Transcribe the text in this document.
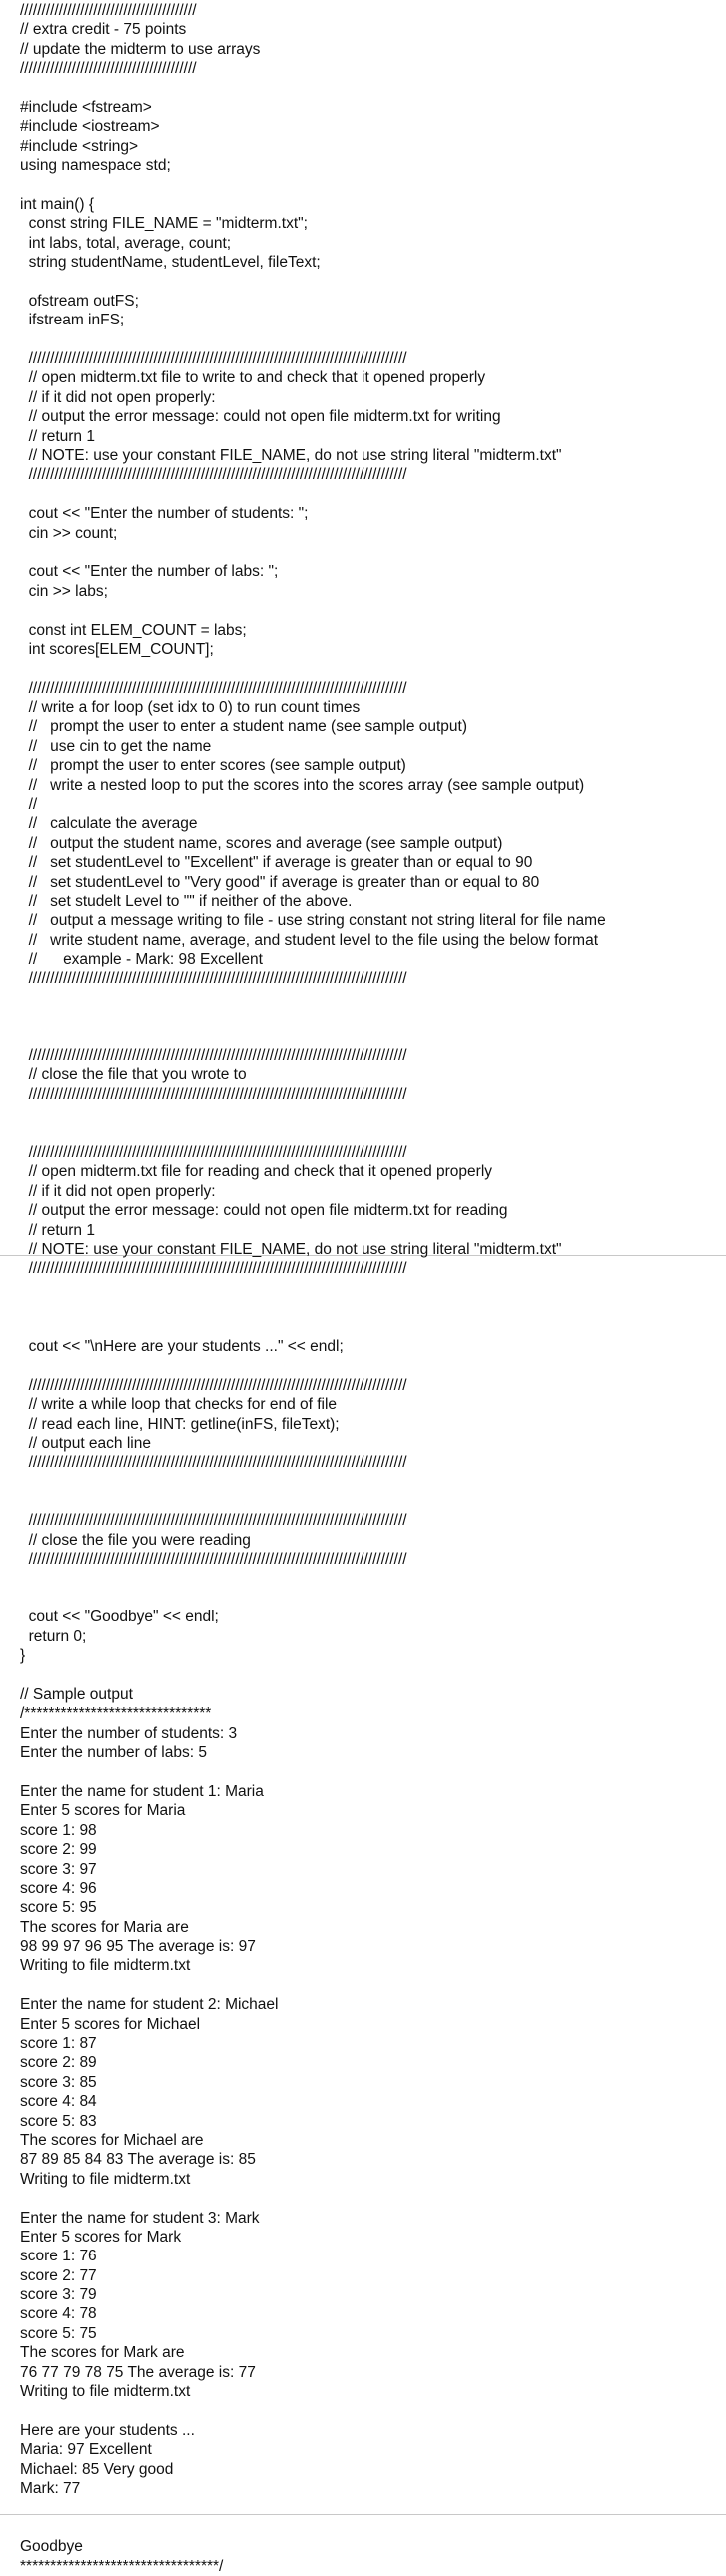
/////////////////////////////////////////
// extra credit - 75 points
// update the midterm to use arrays
/////////////////////////////////////////
#include <fstream>
#include <iostream>
#include <string>
using namespace std;
int main() {
const string FILE_NAME = "midterm.txt";
int labs, total, average, count;
string studentName, studentLevel, fileText;
ofstream outFS;
ifstream inFS;
////////////////////////////////////////////////////////////////////////////////////////
// open midterm.txt file to write to and check that it opened properly
// if it did not open properly:
// output the error message: could not open file midterm.txt for writing
// return 1
// NOTE: use your constant FILE_NAME, do not use string literal "midterm.txt"
////////////////////////////////////////////////////////////////////////////////////////
cout << "Enter the number of students: ";
cin >> count;
cout << "Enter the number of labs: ";
cin >> labs;
const int ELEM_COUNT = labs;
int scores[ELEM_COUNT];
////////////////////////////////////////////////////////////////////////////////////////
// write a for loop (set idx to 0) to run count times
//   prompt the user to enter a student name (see sample output)
//   use cin to get the name
//   prompt the user to enter scores (see sample output)
//   write a nested loop to put the scores into the scores array (see sample output)
//
//   calculate the average
//   output the student name, scores and average (see sample output)
//   set studentLevel to "Excellent" if average is greater than or equal to 90
//   set studentLevel to "Very good" if average is greater than or equal to 80
//   set studelt Level to "" if neither of the above.
//   output a message writing to file - use string constant not string literal for file name
//   write student name, average, and student level to the file using the below format
//      example - Mark: 98 Excellent
////////////////////////////////////////////////////////////////////////////////////////
////////////////////////////////////////////////////////////////////////////////////////
// close the file that you wrote to
////////////////////////////////////////////////////////////////////////////////////////
////////////////////////////////////////////////////////////////////////////////////////
// open midterm.txt file for reading and check that it opened properly
// if it did not open properly:
// output the error message: could not open file midterm.txt for reading
// return 1
// NOTE: use your constant FILE_NAME, do not use string literal "midterm.txt"
////////////////////////////////////////////////////////////////////////////////////////
cout << "\nHere are your students ..." << endl;
////////////////////////////////////////////////////////////////////////////////////////
// write a while loop that checks for end of file
// read each line, HINT: getline(inFS, fileText);
// output each line
////////////////////////////////////////////////////////////////////////////////////////
////////////////////////////////////////////////////////////////////////////////////////
// close the file you were reading
////////////////////////////////////////////////////////////////////////////////////////
cout << "Goodbye" << endl;
return 0;
}
// Sample output
/*******************************
Enter the number of students: 3
Enter the number of labs: 5
Enter the name for student 1: Maria
Enter 5 scores for Maria
score 1: 98
score 2: 99
score 3: 97
score 4: 96
score 5: 95
The scores for Maria are
98 99 97 96 95 The average is: 97
Writing to file midterm.txt
Enter the name for student 2: Michael
Enter 5 scores for Michael
score 1: 87
score 2: 89
score 3: 85
score 4: 84
score 5: 83
The scores for Michael are
87 89 85 84 83 The average is: 85
Writing to file midterm.txt
Enter the name for student 3: Mark
Enter 5 scores for Mark
score 1: 76
score 2: 77
score 3: 79
score 4: 78
score 5: 75
The scores for Mark are
76 77 79 78 75 The average is: 77
Writing to file midterm.txt
Here are your students ...
Maria: 97 Excellent
Michael: 85 Very good
Mark: 77
Goodbye
*********************************/
